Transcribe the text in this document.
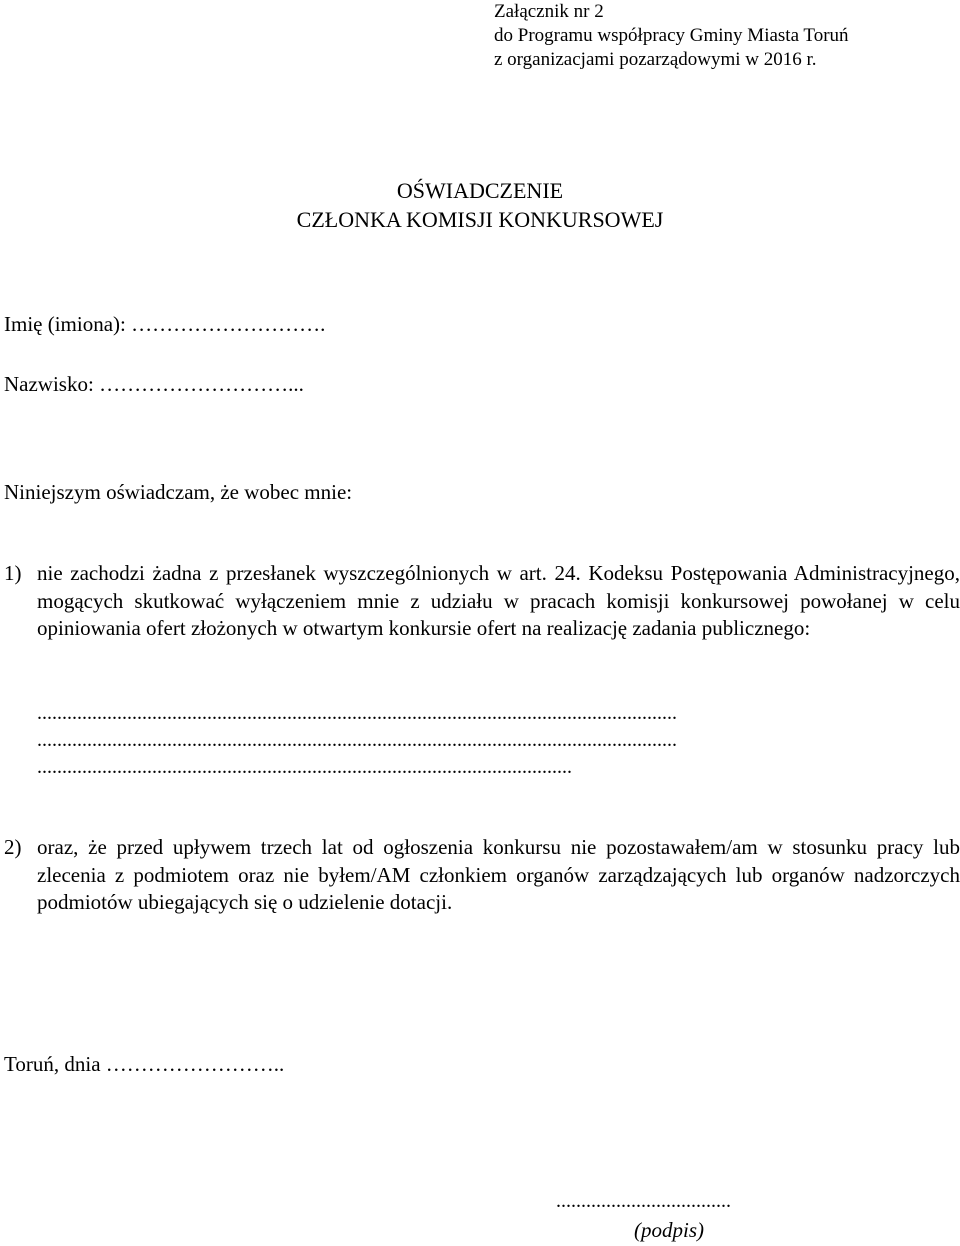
Załącznik nr 2
do Programu współpracy Gminy Miasta Toruń
z organizacjami pozarządowymi w 2016 r.
OŚWIADCZENIE
CZŁONKA KOMISJI KONKURSOWEJ
Imię (imiona): ……………………….
Nazwisko: ………………………...
Niniejszym oświadczam, że wobec mnie:
1) nie zachodzi żadna z przesłanek wyszczególnionych w art. 24. Kodeksu Postępowania Administracyjnego, mogących skutkować wyłączeniem mnie z udziału w pracach komisji konkursowej powołanej w celu opiniowania ofert złożonych w otwartym konkursie ofert na realizację zadania publicznego:
................................................................................................................................
................................................................................................................................
...........................................................................................................
2) oraz, że przed upływem trzech lat od ogłoszenia konkursu nie pozostawałem/am w stosunku pracy lub zlecenia z podmiotem oraz nie byłem/AM członkiem organów zarządzających lub organów nadzorczych podmiotów ubiegających się o udzielenie dotacji.
Toruń, dnia ……………………..
...................................
(podpis)
